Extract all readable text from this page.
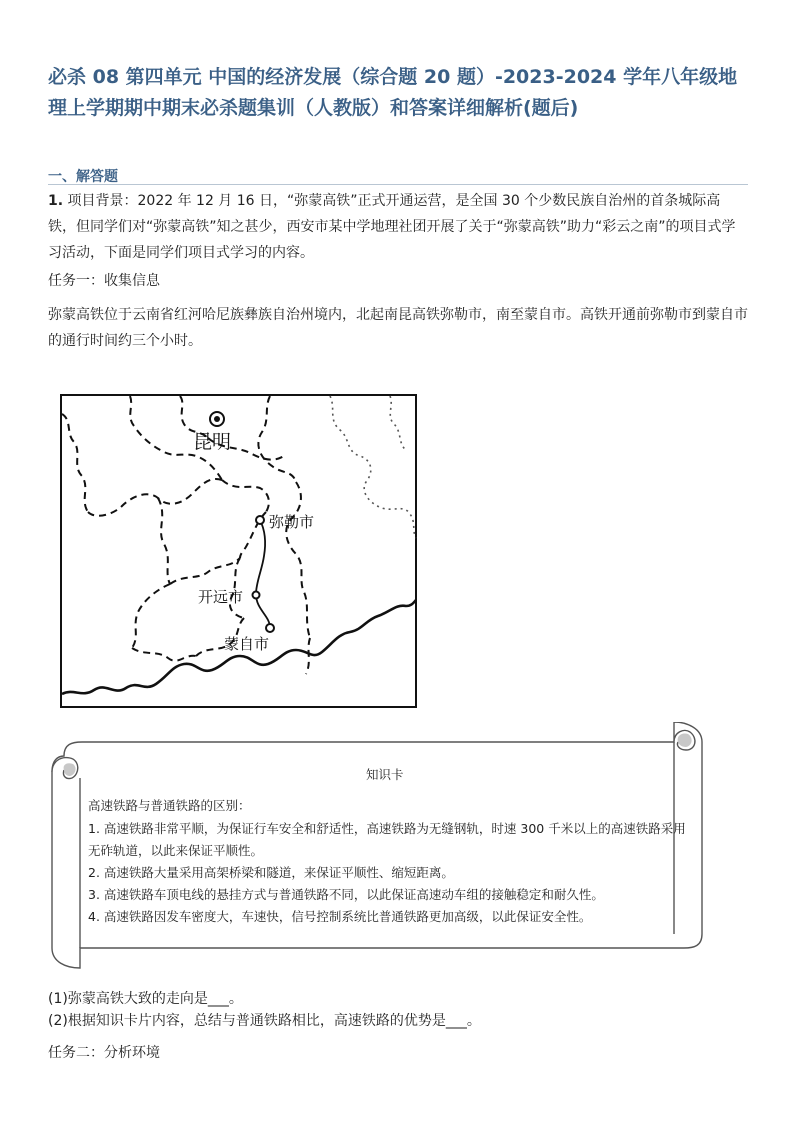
必杀 08 第四单元 中国的经济发展（综合题 20 题）-2023-2024 学年八年级地理上学期期中期末必杀题集训（人教版）和答案详细解析(题后)
一、解答题

1. 项目背景：2022 年 12 月 16 日，“弥蒙高铁”正式开通运营，是全国 30 个少数民族自治州的首条城际高铁，但同学们对“弥蒙高铁”知之甚少，西安市某中学地理社团开展了关于“弥蒙高铁”助力“彩云之南”的项目式学习活动，下面是同学们项目式学习的内容。

任务一：收集信息

弥蒙高铁位于云南省红河哈尼族彝族自治州境内，北起南昆高铁弥勒市，南至蒙自市。高铁开通前弥勒市到蒙自市的通行时间约三个小时。

昆明
弥勒市
开远市
蒙自市
知识卡
高速铁路与普通铁路的区别：
1. 高速铁路非常平顺，为保证行车安全和舒适性，高速铁路为无缝钢轨，时速 300 千米以上的高速铁路采用无砟轨道，以此来保证平顺性。
2. 高速铁路大量采用高架桥梁和隧道，来保证平顺性、缩短距离。
3. 高速铁路车顶电线的悬挂方式与普通铁路不同，以此保证高速动车组的接触稳定和耐久性。
4. 高速铁路因发车密度大，车速快，信号控制系统比普通铁路更加高级，以此保证安全性。

(1)弥蒙高铁大致的走向是___。

(2)根据知识卡片内容，总结与普通铁路相比，高速铁路的优势是___。

任务二：分析环境
